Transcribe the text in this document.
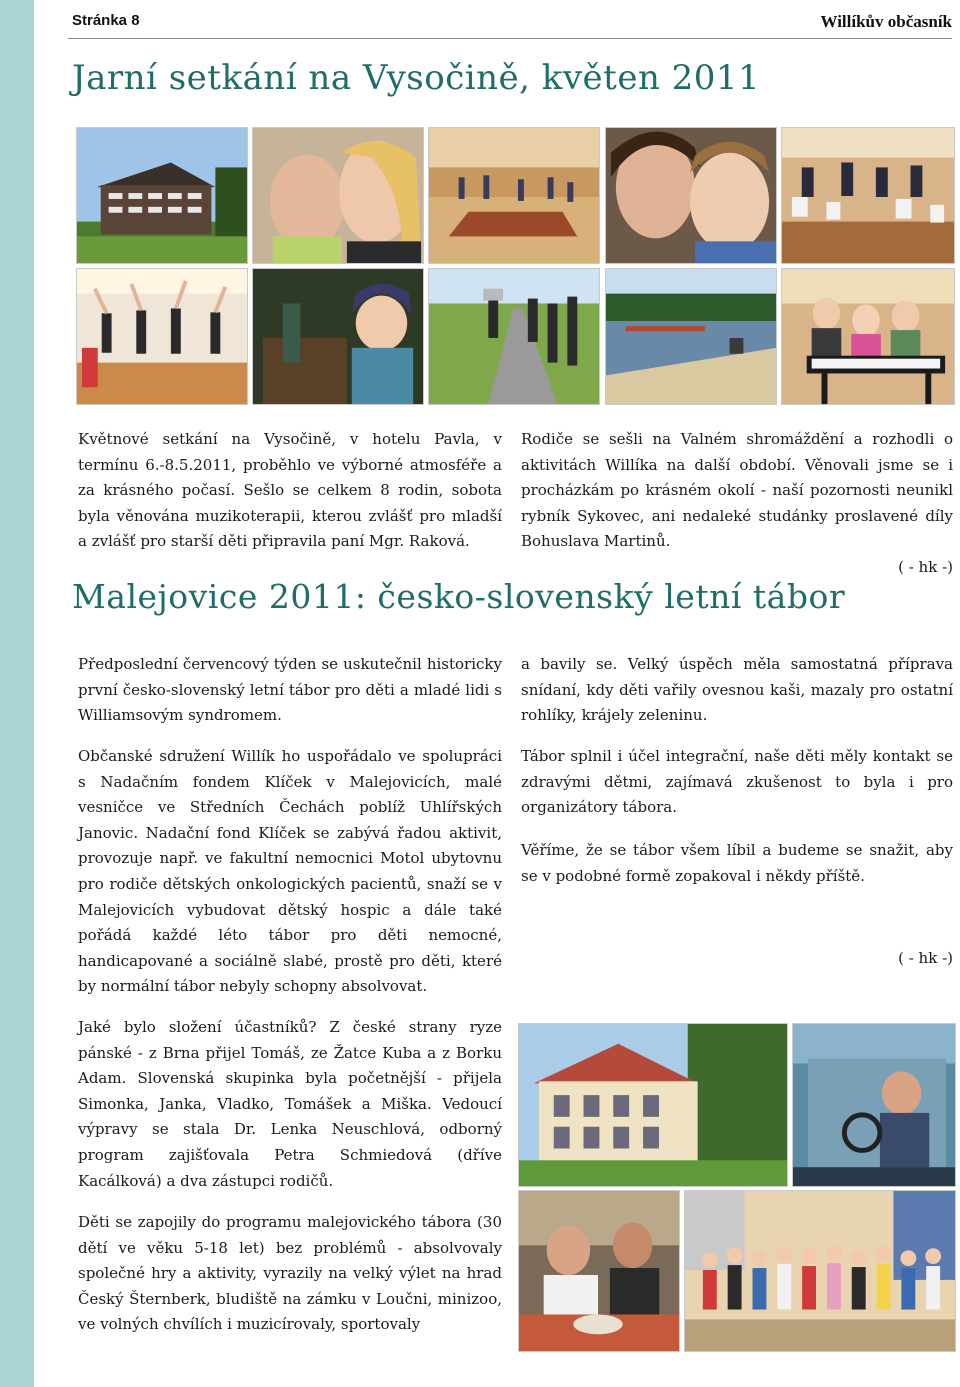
Stránka 8	Willíkův občasník
Jarní setkání na Vysočině, květen 2011

Květnové setkání na Vysočině, v hotelu Pavla, v termínu 6.-8.5.2011, proběhlo ve výborné atmosféře a za krásného počasí. Sešlo se celkem 8 rodin, sobota byla věnována muzikoterapii, kterou zvlášť pro mladší a zvlášť pro starší děti připravila paní Mgr. Raková.

Rodiče se sešli na Valném shromáždění a rozhodli o aktivitách Willíka na další období. Věnovali jsme se i procházkám po krásném okolí - naší pozornosti neunikl rybník Sykovec, ani nedaleké studánky proslavené díly Bohuslava Martinů.
( - hk -)

Malejovice 2011: česko-slovenský letní tábor

Předposlední červencový týden se uskutečnil historicky první česko-slovenský letní tábor pro děti a mladé lidi s Williamsovým syndromem.

Občanské sdružení Willík ho uspořádalo ve spolupráci s Nadačním fondem Klíček v Malejovicích, malé vesničce ve Středních Čechách poblíž Uhlířských Janovic. Nadační fond Klíček se zabývá řadou aktivit, provozuje např. ve fakultní nemocnici Motol ubytovnu pro rodiče dětských onkologických pacientů, snaží se v Malejovicích vybudovat dětský hospic a dále také pořádá každé léto tábor pro děti nemocné, handicapované a sociálně slabé, prostě pro děti, které by normální tábor nebyly schopny absolvovat.

Jaké bylo složení účastníků? Z české strany ryze pánské - z Brna přijel Tomáš, ze Žatce Kuba a z Borku Adam. Slovenská skupinka byla početnější - přijela Simonka, Janka, Vladko, Tomášek a Miška. Vedoucí výpravy se stala Dr. Lenka Neuschlová, odborný program zajišťovala Petra Schmiedová (dříve Kacálková) a dva zástupci rodičů.

Děti se zapojily do programu malejovického tábora (30 dětí ve věku 5-18 let) bez problémů - absolvovaly společné hry a aktivity, vyrazily na velký výlet na hrad Český Šternberk, bludiště na zámku v Loučni, minizoo, ve volných chvílích i muzicírovaly, sportovaly

a bavily se. Velký úspěch měla samostatná příprava snídaní, kdy děti vařily ovesnou kaši, mazaly pro ostatní rohlíky, krájely zeleninu.

Tábor splnil i účel integrační, naše děti měly kontakt se zdravými dětmi, zajímavá zkušenost to byla i pro organizátory tábora.

Věříme, že se tábor všem líbil a budeme se snažit, aby se v podobné formě zopakoval i někdy příště.

( - hk -)
